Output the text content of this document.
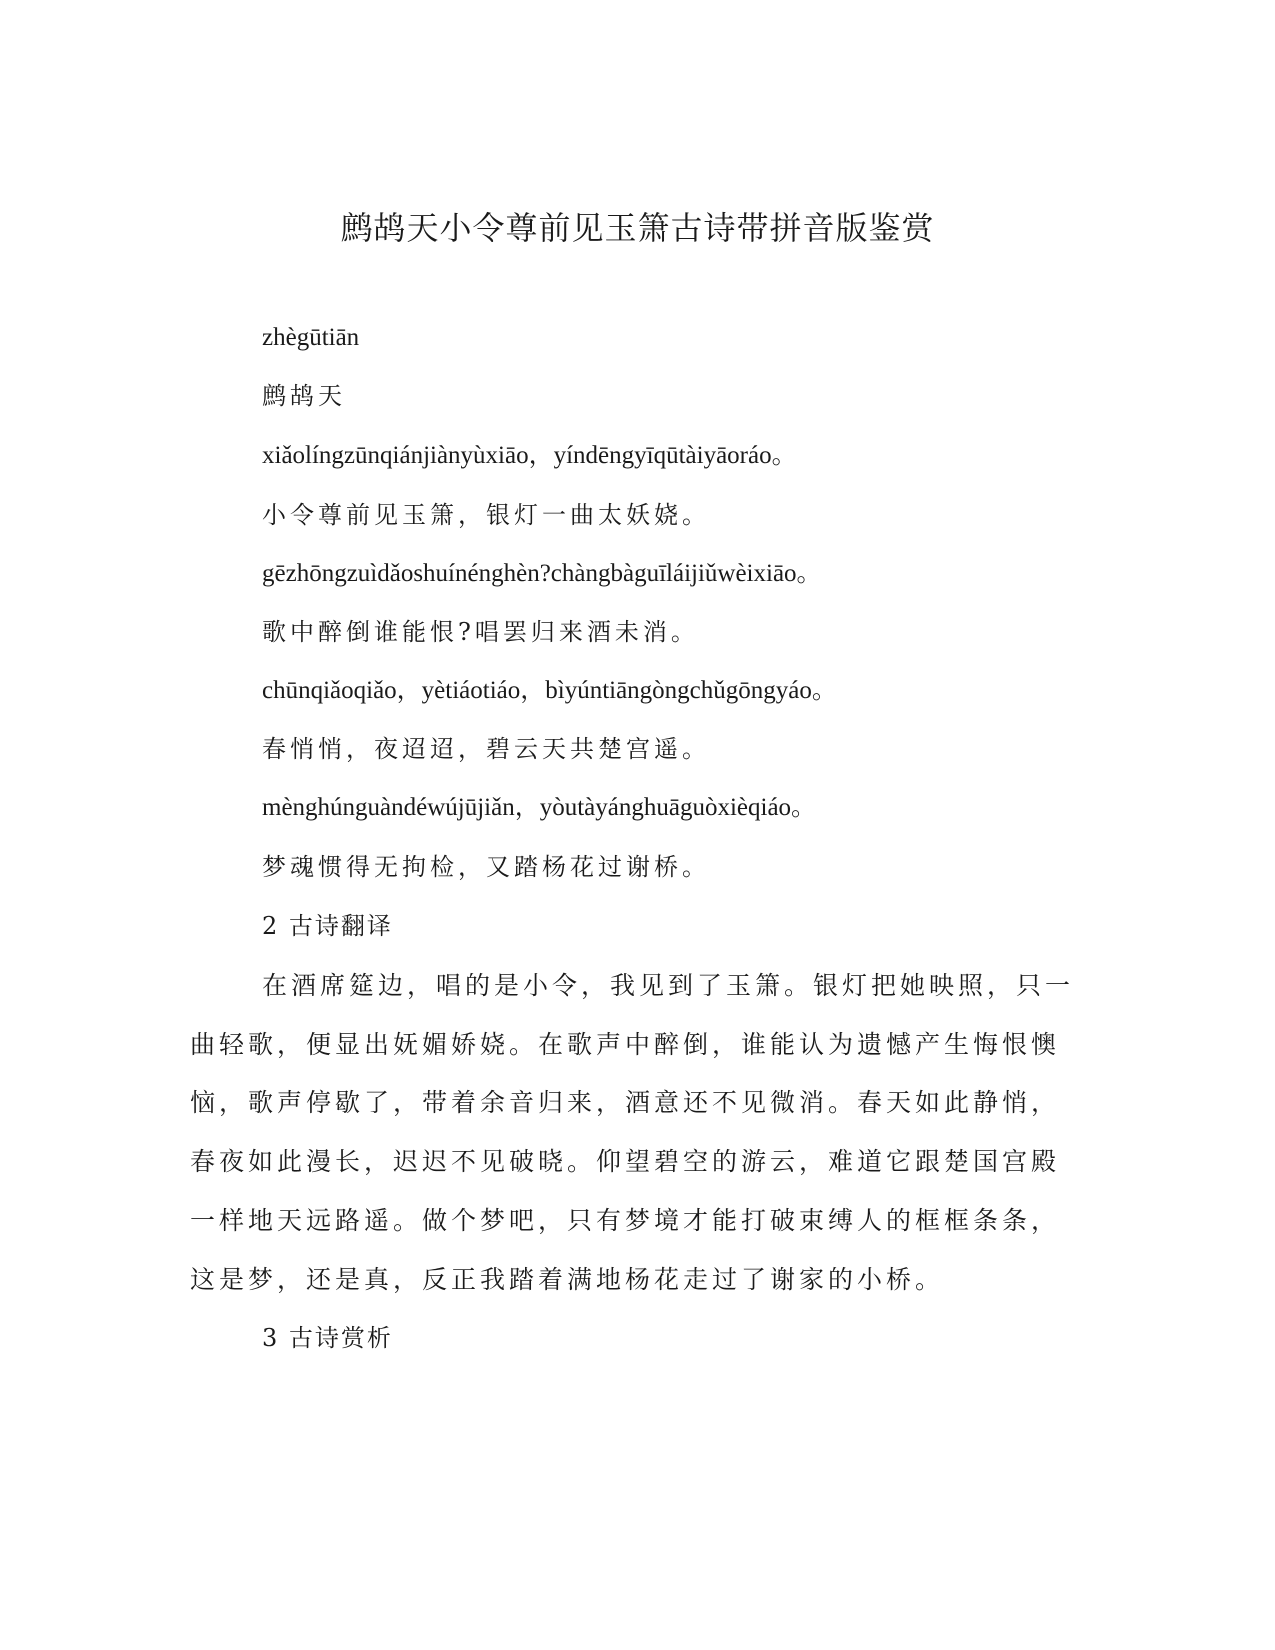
鹧鸪天小令尊前见玉箫古诗带拼音版鉴赏
zhègūtiān
鹧鸪天
xiǎolíngzūnqiánjiànyùxiāo，yíndēngyīqūtàiyāoráo。
小令尊前见玉箫，银灯一曲太妖娆。
gēzhōngzuìdǎoshuínénghèn?chàngbàguīláijiǔwèixiāo。
歌中醉倒谁能恨?唱罢归来酒未消。
chūnqiǎoqiǎo，yètiáotiáo，bìyúntiāngòngchǔgōngyáo。
春悄悄，夜迢迢，碧云天共楚宫遥。
mènghúnguàndéwújūjiǎn，yòutàyánghuāguòxièqiáo。
梦魂惯得无拘检，又踏杨花过谢桥。
2 古诗翻译
在酒席筵边，唱的是小令，我见到了玉箫。银灯把她映照，只一
曲轻歌，便显出妩媚娇娆。在歌声中醉倒，谁能认为遗憾产生悔恨懊
恼，歌声停歇了，带着余音归来，酒意还不见微消。春天如此静悄，
春夜如此漫长，迟迟不见破晓。仰望碧空的游云，难道它跟楚国宫殿
一样地天远路遥。做个梦吧，只有梦境才能打破束缚人的框框条条，
这是梦，还是真，反正我踏着满地杨花走过了谢家的小桥。
3 古诗赏析
